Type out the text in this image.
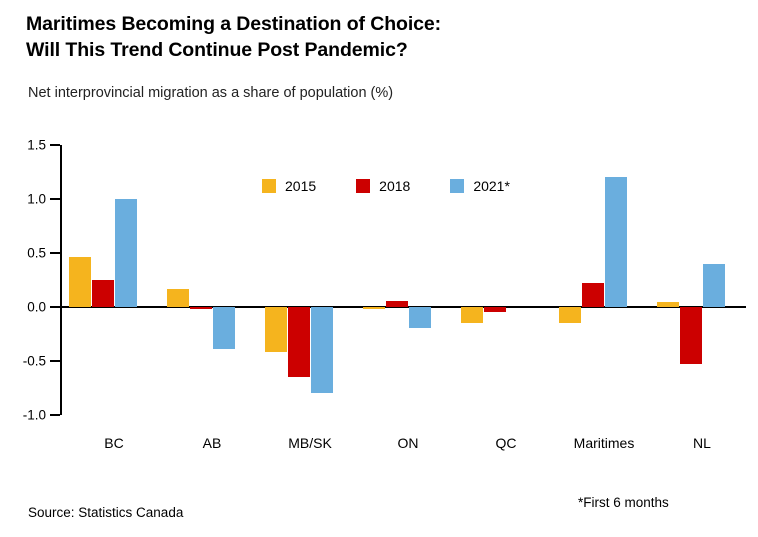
Maritimes Becoming a Destination of Choice:
Will This Trend Continue Post Pandemic?
Net interprovincial migration as a share of population (%)
2015	2018	2021*
-1.0
-0.5
0.0
0.5
1.0
1.5
BC	AB	MB/SK	ON	QC	Maritimes	NL
Source: Statistics Canada
*First 6 months
